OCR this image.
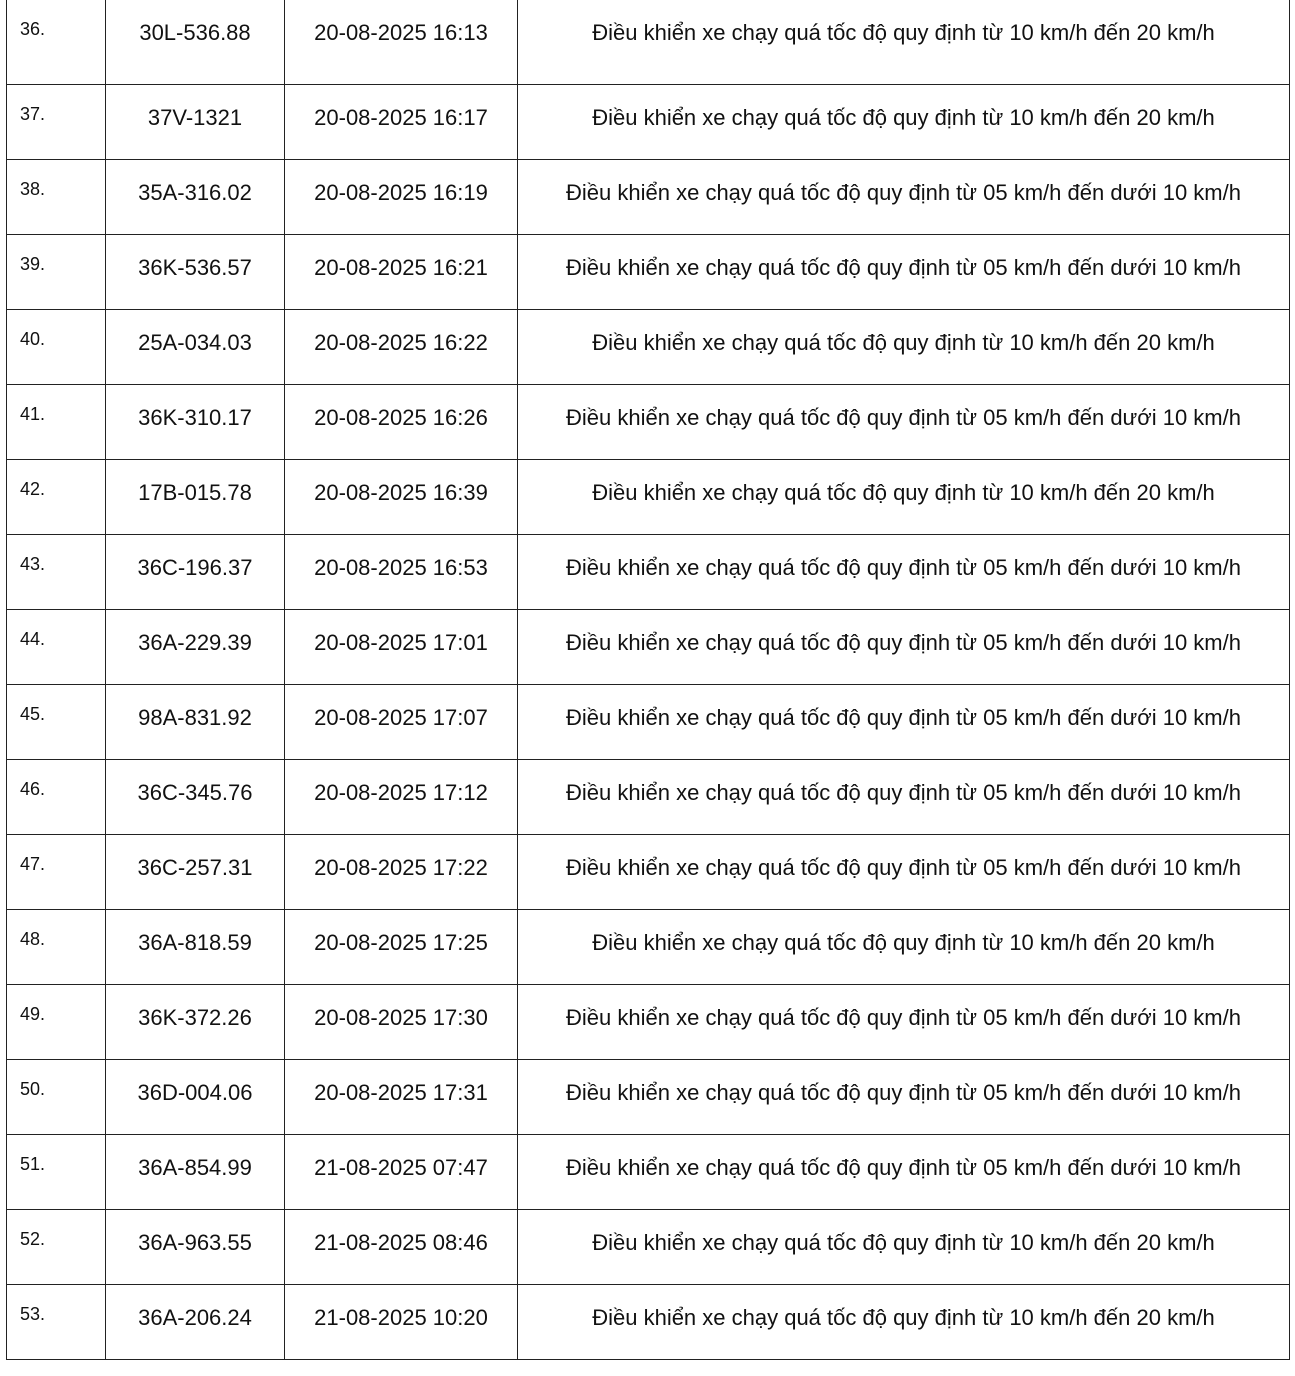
36.	30L-536.88	20-08-2025 16:13	Điều khiển xe chạy quá tốc độ quy định từ 10 km/h đến 20 km/h
37.	37V-1321	20-08-2025 16:17	Điều khiển xe chạy quá tốc độ quy định từ 10 km/h đến 20 km/h
38.	35A-316.02	20-08-2025 16:19	Điều khiển xe chạy quá tốc độ quy định từ 05 km/h đến dưới 10 km/h
39.	36K-536.57	20-08-2025 16:21	Điều khiển xe chạy quá tốc độ quy định từ 05 km/h đến dưới 10 km/h
40.	25A-034.03	20-08-2025 16:22	Điều khiển xe chạy quá tốc độ quy định từ 10 km/h đến 20 km/h
41.	36K-310.17	20-08-2025 16:26	Điều khiển xe chạy quá tốc độ quy định từ 05 km/h đến dưới 10 km/h
42.	17B-015.78	20-08-2025 16:39	Điều khiển xe chạy quá tốc độ quy định từ 10 km/h đến 20 km/h
43.	36C-196.37	20-08-2025 16:53	Điều khiển xe chạy quá tốc độ quy định từ 05 km/h đến dưới 10 km/h
44.	36A-229.39	20-08-2025 17:01	Điều khiển xe chạy quá tốc độ quy định từ 05 km/h đến dưới 10 km/h
45.	98A-831.92	20-08-2025 17:07	Điều khiển xe chạy quá tốc độ quy định từ 05 km/h đến dưới 10 km/h
46.	36C-345.76	20-08-2025 17:12	Điều khiển xe chạy quá tốc độ quy định từ 05 km/h đến dưới 10 km/h
47.	36C-257.31	20-08-2025 17:22	Điều khiển xe chạy quá tốc độ quy định từ 05 km/h đến dưới 10 km/h
48.	36A-818.59	20-08-2025 17:25	Điều khiển xe chạy quá tốc độ quy định từ 10 km/h đến 20 km/h
49.	36K-372.26	20-08-2025 17:30	Điều khiển xe chạy quá tốc độ quy định từ 05 km/h đến dưới 10 km/h
50.	36D-004.06	20-08-2025 17:31	Điều khiển xe chạy quá tốc độ quy định từ 05 km/h đến dưới 10 km/h
51.	36A-854.99	21-08-2025 07:47	Điều khiển xe chạy quá tốc độ quy định từ 05 km/h đến dưới 10 km/h
52.	36A-963.55	21-08-2025 08:46	Điều khiển xe chạy quá tốc độ quy định từ 10 km/h đến 20 km/h
53.	36A-206.24	21-08-2025 10:20	Điều khiển xe chạy quá tốc độ quy định từ 10 km/h đến 20 km/h
